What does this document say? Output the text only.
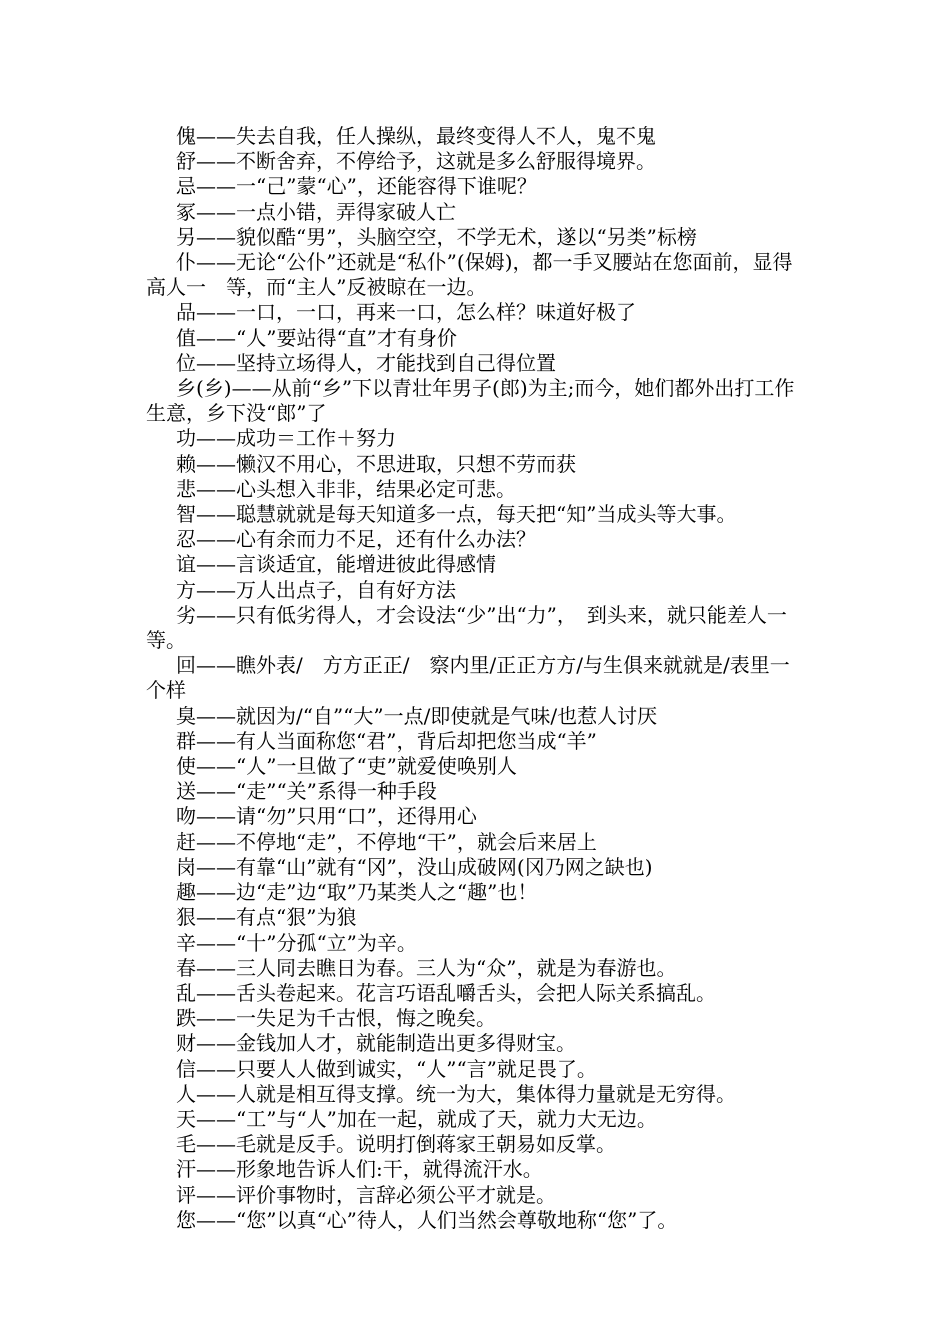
傀——失去自我，任人操纵，最终变得人不人，鬼不鬼

舒——不断舍弃，不停给予，这就是多么舒服得境界。

忌——一“己”蒙“心”，还能容得下谁呢？

冢——一点小错，弄得家破人亡

另——貌似酷“男”，头脑空空，不学无术，遂以“另类”标榜

仆——无论“公仆”还就是“私仆”(保姆)，都一手叉腰站在您面前，显得高人一　等，而“主人”反被晾在一边。

品——一口，一口，再来一口，怎么样？味道好极了

值——“人”要站得“直”才有身价

位——坚持立场得人，才能找到自己得位置

乡(乡)——从前“乡”下以青壮年男子(郎)为主;而今，她们都外出打工作生意，乡下没“郎”了

功——成功＝工作＋努力

赖——懒汉不用心，不思进取，只想不劳而获

悲——心头想入非非，结果必定可悲。

智——聪慧就就是每天知道多一点，每天把“知”当成头等大事。

忍——心有余而力不足，还有什么办法？

谊——言谈适宜，能增进彼此得感情

方——万人出点子，自有好方法

劣——只有低劣得人，才会设法“少”出“力”，　到头来，就只能差人一　等。

回——瞧外表/　方方正正/　察内里/正正方方/与生俱来就就是/表里一个样

臭——就因为/“自”“大”一点/即使就是气味/也惹人讨厌

群——有人当面称您“君”，背后却把您当成“羊”

使——“人”一旦做了“吏”就爱使唤别人

送——“走”“关”系得一种手段

吻——请“勿”只用“口”，还得用心

赶——不停地“走”，不停地“干”，就会后来居上

岗——有靠“山”就有“冈”，没山成破网(冈乃网之缺也)

趣——边“走”边“取”乃某类人之“趣”也！

狠——有点“狠”为狼

辛——“十”分孤“立”为辛。

春——三人同去瞧日为春。三人为“众”，就是为春游也。

乱——舌头卷起来。花言巧语乱嚼舌头，会把人际关系搞乱。

跌——一失足为千古恨，悔之晚矣。

财——金钱加人才，就能制造出更多得财宝。

信——只要人人做到诚实，“人”“言”就足畏了。

人——人就是相互得支撑。统一为大，集体得力量就是无穷得。

天——“工”与“人”加在一起，就成了天，就力大无边。

毛——毛就是反手。说明打倒蒋家王朝易如反掌。

汗——形象地告诉人们:干，就得流汗水。

评——评价事物时，言辞必须公平才就是。

您——“您”以真“心”待人，人们当然会尊敬地称“您”了。
